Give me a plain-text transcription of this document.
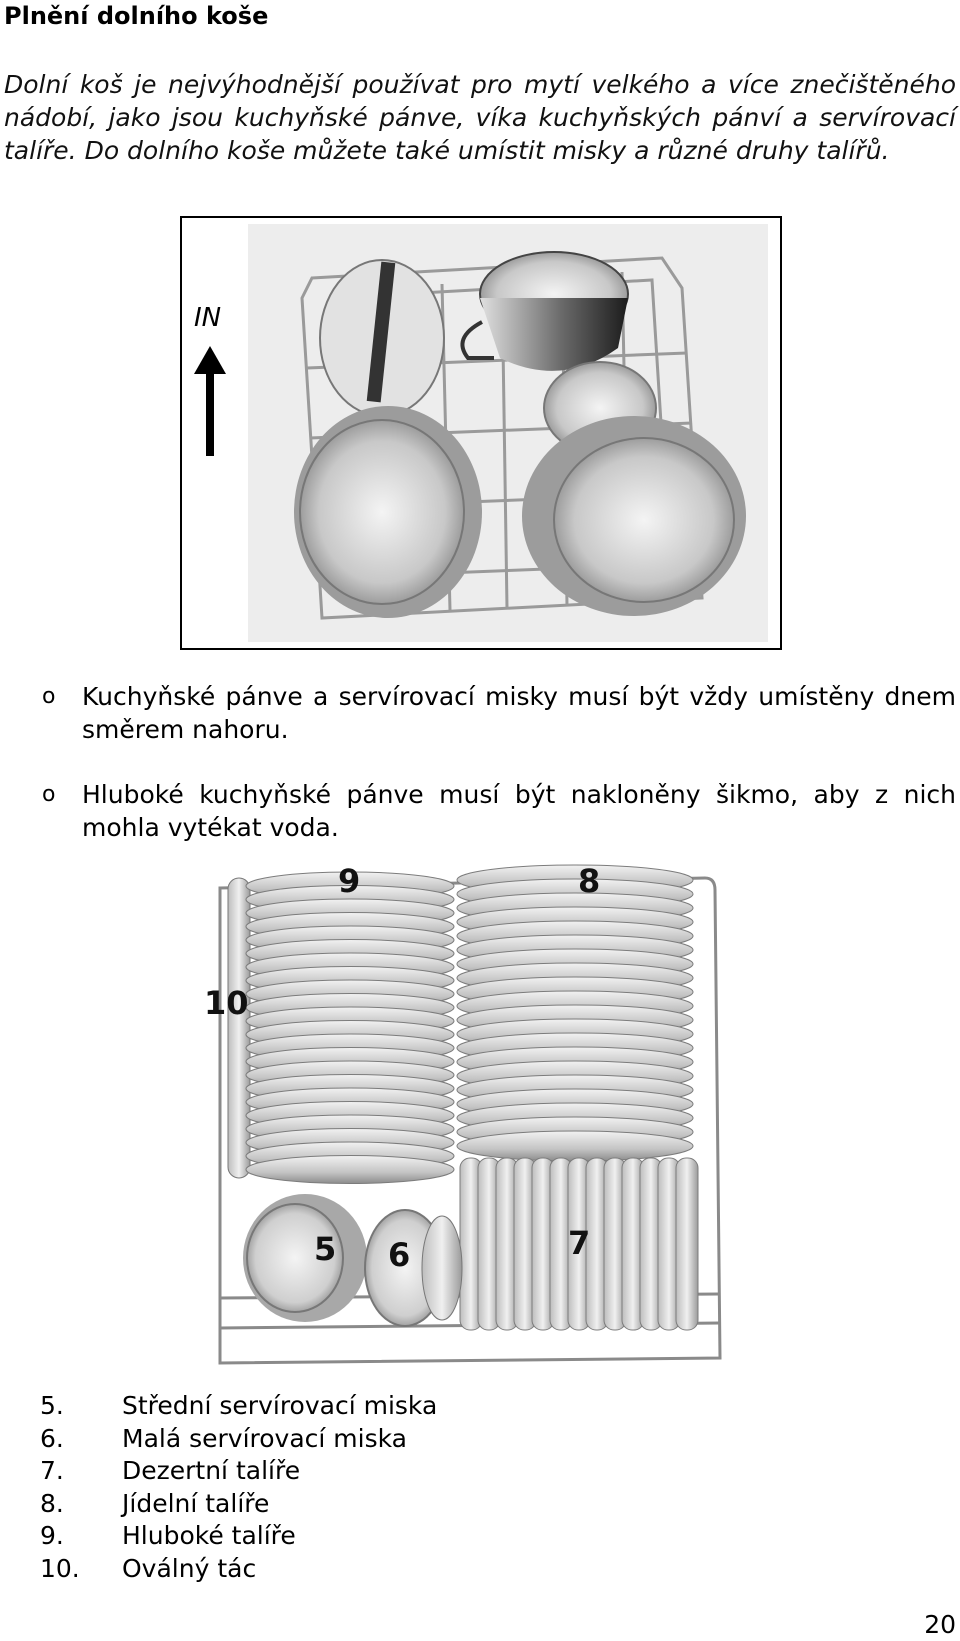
Plnění dolního koše

Dolní koš je nejvýhodnější používat pro mytí velkého a více znečištěného nádobí, jako jsou kuchyňské pánve, víka kuchyňských pánví a servírovací talíře. Do dolního koše můžete také umístit misky a různé druhy talířů.

IN
o Kuchyňské pánve a servírovací misky musí být vždy umístěny dnem směrem nahoru.
o Hluboké kuchyňské pánve musí být nakloněny šikmo, aby z nich mohla vytékat voda.
9	8
10
5 6	7
5.	Střední servírovací miska
6.	Malá servírovací miska
7.	Dezertní talíře
8.	Jídelní talíře
9.	Hluboké talíře
10.	Oválný tác
20
